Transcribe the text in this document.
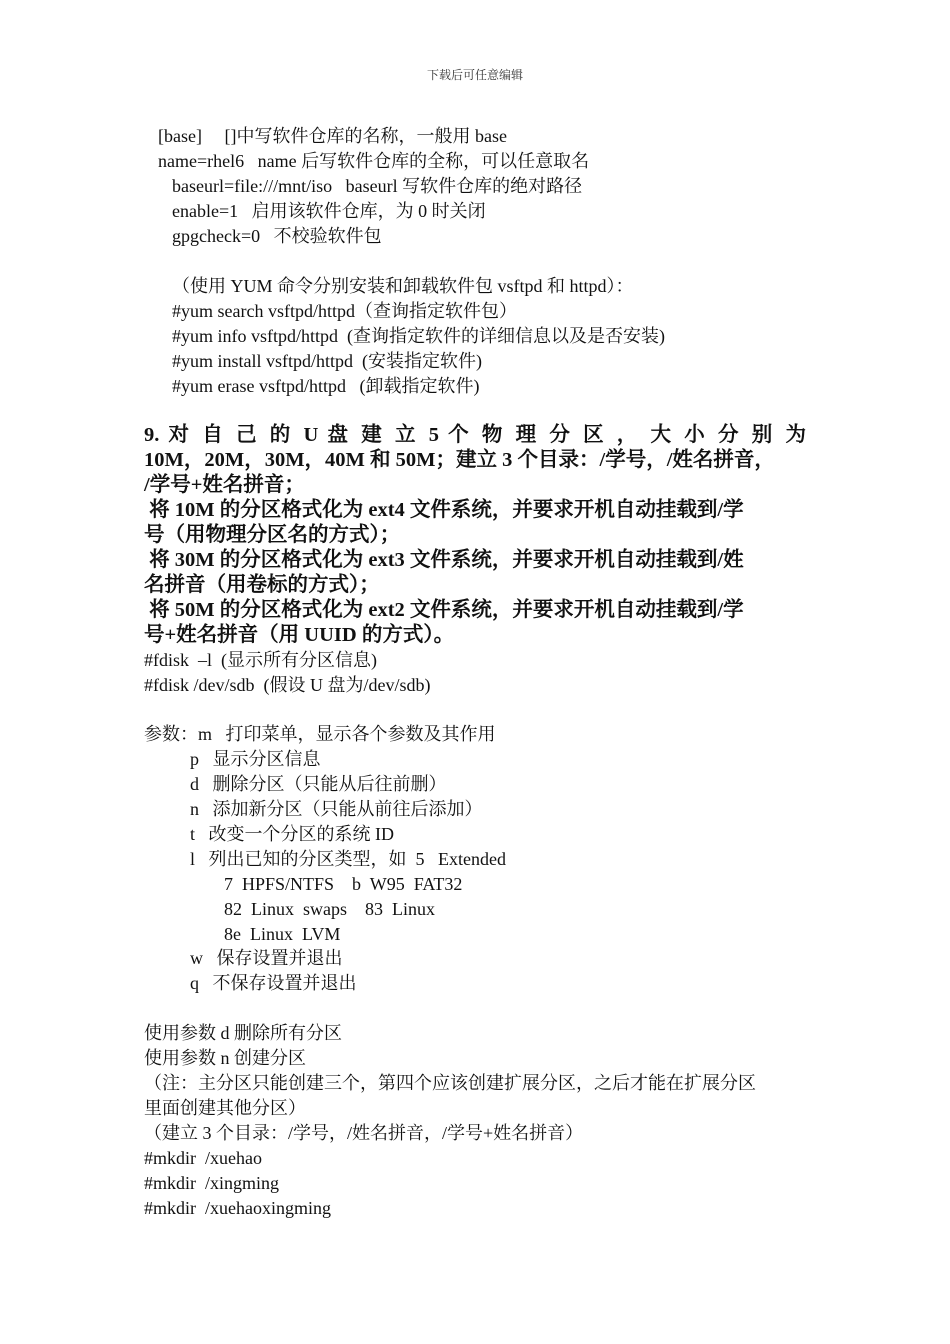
下载后可任意编辑
[base]     []中写软件仓库的名称，一般用 base
name=rhel6   name 后写软件仓库的全称，可以任意取名
baseurl=file:///mnt/iso   baseurl 写软件仓库的绝对路径
enable=1   启用该软件仓库，为 0 时关闭
gpgcheck=0   不校验软件包
（使用 YUM 命令分别安装和卸载软件包 vsftpd 和 httpd）：
#yum search vsftpd/httpd（查询指定软件包）
#yum info vsftpd/httpd  (查询指定软件的详细信息以及是否安装)
#yum install vsftpd/httpd  (安装指定软件)
#yum erase vsftpd/httpd   (卸载指定软件)
9. 对 自 己 的 U 盘 建 立 5 个 物 理 分 区 ， 大 小 分 别 为
10M，20M，30M，40M 和 50M；建立 3 个目录：/学号，/姓名拼音，
/学号+姓名拼音；
将 10M 的分区格式化为 ext4 文件系统，并要求开机自动挂载到/学
号（用物理分区名的方式）；
将 30M 的分区格式化为 ext3 文件系统，并要求开机自动挂载到/姓
名拼音（用卷标的方式）；
将 50M 的分区格式化为 ext2 文件系统，并要求开机自动挂载到/学
号+姓名拼音（用 UUID 的方式）。
#fdisk  –l  (显示所有分区信息)
#fdisk /dev/sdb  (假设 U 盘为/dev/sdb)
参数：m   打印菜单，显示各个参数及其作用
p   显示分区信息
d   删除分区（只能从后往前删）
n   添加新分区（只能从前往后添加）
t   改变一个分区的系统 ID
l   列出已知的分区类型，如  5   Extended
7  HPFS/NTFS    b  W95  FAT32
82  Linux  swaps    83  Linux
8e  Linux  LVM
w   保存设置并退出
q   不保存设置并退出
使用参数 d 删除所有分区
使用参数 n 创建分区
（注：主分区只能创建三个，第四个应该创建扩展分区，之后才能在扩展分区
里面创建其他分区）
（建立 3 个目录：/学号，/姓名拼音，/学号+姓名拼音）
#mkdir  /xuehao
#mkdir  /xingming
#mkdir  /xuehaoxingming
